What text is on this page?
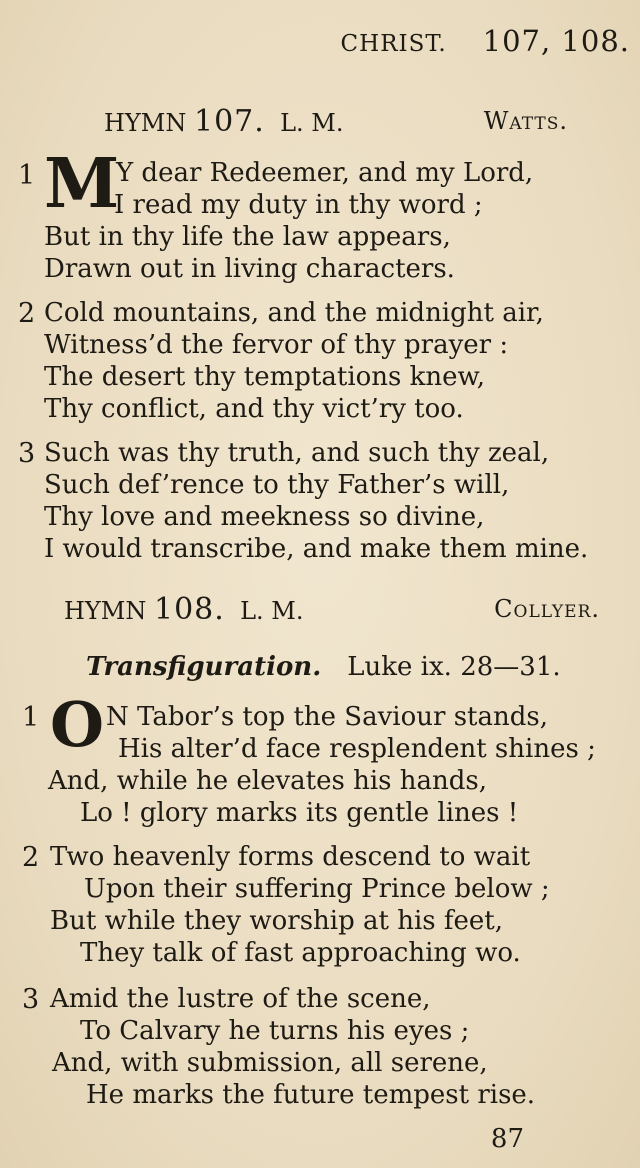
CHRIST. 107, 108.
HYMN 107. L. M.	Watts.
1 M
Y dear Redeemer, and my Lord,
I read my duty in thy word ;
But in thy life the law appears,
Drawn out in living characters.
2 Cold mountains, and the midnight air,
Witness’d the fervor of thy prayer :
The desert thy temptations knew,
Thy conflict, and thy vict’ry too.
3 Such was thy truth, and such thy zeal,
Such def’rence to thy Father’s will,
Thy love and meekness so divine,
I would transcribe, and make them mine.
HYMN 108. L. M.	Collyer.
Transfiguration. Luke ix. 28—31.
1 O N Tabor’s top the Saviour stands,
His alter’d face resplendent shines ;
And, while he elevates his hands,
Lo ! glory marks its gentle lines !
2 Two heavenly forms descend to wait
Upon their suffering Prince below ;
But while they worship at his feet,
They talk of fast approaching wo.
3 Amid the lustre of the scene,
To Calvary he turns his eyes ;
And, with submission, all serene,
He marks the future tempest rise.
87
